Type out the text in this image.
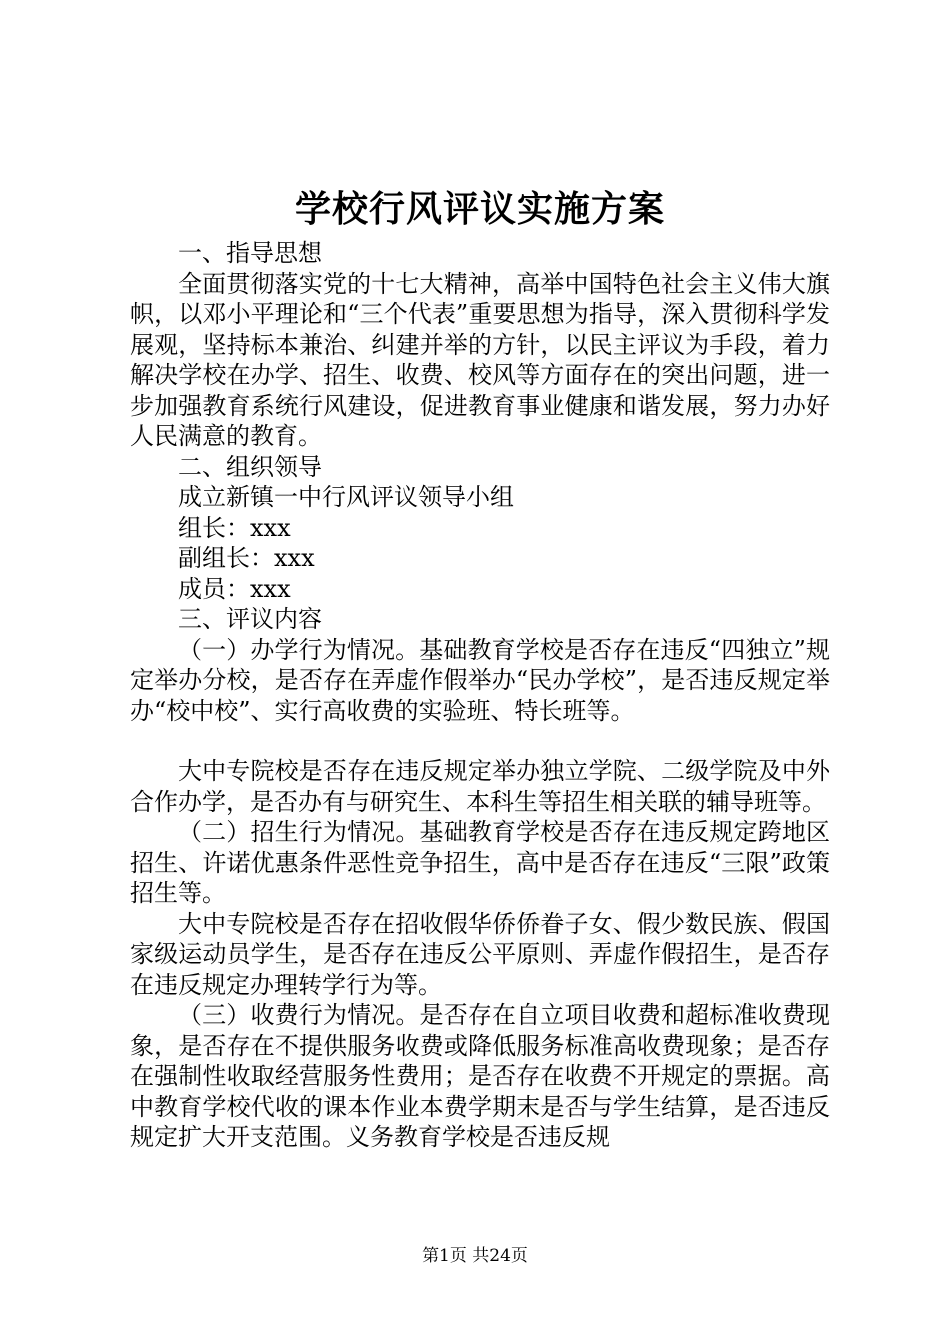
学校行风评议实施方案

一、指导思想

全面贯彻落实党的十七大精神，高举中国特色社会主义伟大旗帜，以邓小平理论和“三个代表”重要思想为指导，深入贯彻科学发展观，坚持标本兼治、纠建并举的方针，以民主评议为手段，着力解决学校在办学、招生、收费、校风等方面存在的突出问题，进一步加强教育系统行风建设，促进教育事业健康和谐发展，努力办好人民满意的教育。

二、组织领导

成立新镇一中行风评议领导小组

组长：xxx

副组长：xxx

成员：xxx

三、评议内容

（一）办学行为情况。基础教育学校是否存在违反“四独立”规定举办分校，是否存在弄虚作假举办“民办学校”，是否违反规定举办“校中校”、实行高收费的实验班、特长班等。

大中专院校是否存在违反规定举办独立学院、二级学院及中外合作办学，是否办有与研究生、本科生等招生相关联的辅导班等。

（二）招生行为情况。基础教育学校是否存在违反规定跨地区招生、许诺优惠条件恶性竞争招生，高中是否存在违反“三限”政策招生等。

大中专院校是否存在招收假华侨侨眷子女、假少数民族、假国家级运动员学生，是否存在违反公平原则、弄虚作假招生，是否存在违反规定办理转学行为等。

（三）收费行为情况。是否存在自立项目收费和超标准收费现象，是否存在不提供服务收费或降低服务标准高收费现象；是否存在强制性收取经营服务性费用；是否存在收费不开规定的票据。高中教育学校代收的课本作业本费学期末是否与学生结算，是否违反规定扩大开支范围。义务教育学校是否违反规

第1页 共24页
